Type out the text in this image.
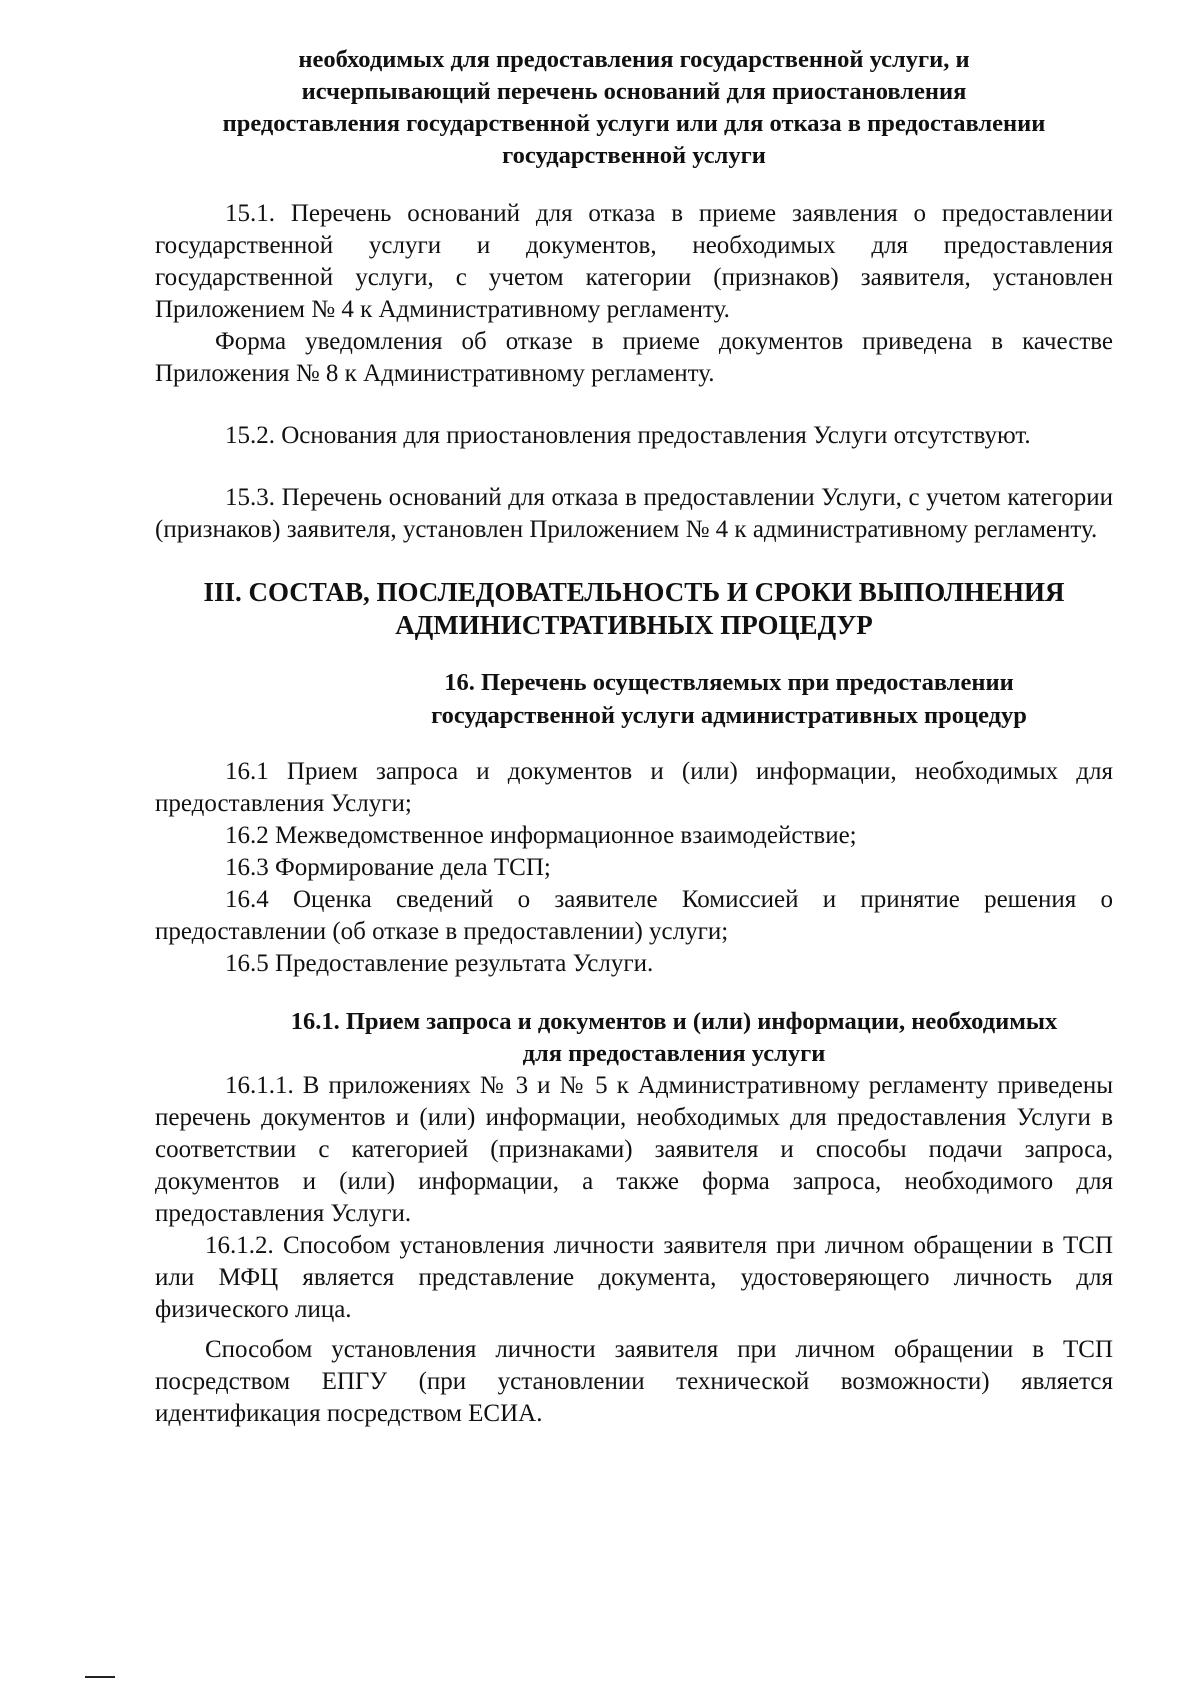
необходимых для предоставления государственной услуги, и
исчерпывающий перечень оснований для приостановления
предоставления государственной услуги или для отказа в предоставлении
государственной услуги

15.1. Перечень оснований для отказа в приеме заявления о предоставлении государственной услуги и документов, необходимых для предоставления государственной услуги, с учетом категории (признаков) заявителя, установлен Приложением № 4 к Административному регламенту.

Форма уведомления об отказе в приеме документов приведена в качестве Приложения № 8 к Административному регламенту.

15.2. Основания для приостановления предоставления Услуги отсутствуют.

15.3. Перечень оснований для отказа в предоставлении Услуги, с учетом категории (признаков) заявителя, установлен Приложением № 4 к административному регламенту.

III. СОСТАВ, ПОСЛЕДОВАТЕЛЬНОСТЬ И СРОКИ ВЫПОЛНЕНИЯ
АДМИНИСТРАТИВНЫХ ПРОЦЕДУР
16. Перечень осуществляемых при предоставлении
государственной услуги административных процедур

16.1 Прием запроса и документов и (или) информации, необходимых для предоставления Услуги;

16.2 Межведомственное информационное взаимодействие;

16.3 Формирование дела ТСП;

16.4 Оценка сведений о заявителе Комиссией и принятие решения о предоставлении (об отказе в предоставлении) услуги;

16.5 Предоставление результата Услуги.

16.1. Прием запроса и документов и (или) информации, необходимых
для предоставления услуги

16.1.1. В приложениях № 3 и № 5 к Административному регламенту приведены перечень документов и (или) информации, необходимых для предоставления Услуги в соответствии с категорией (признаками) заявителя и способы подачи запроса, документов и (или) информации, а также форма запроса, необходимого для предоставления Услуги.

16.1.2. Способом установления личности заявителя при личном обращении в ТСП или МФЦ является представление документа, удостоверяющего личность для физического лица.

Способом установления личности заявителя при личном обращении в ТСП посредством ЕПГУ (при установлении технической возможности) является идентификация посредством ЕСИА.
